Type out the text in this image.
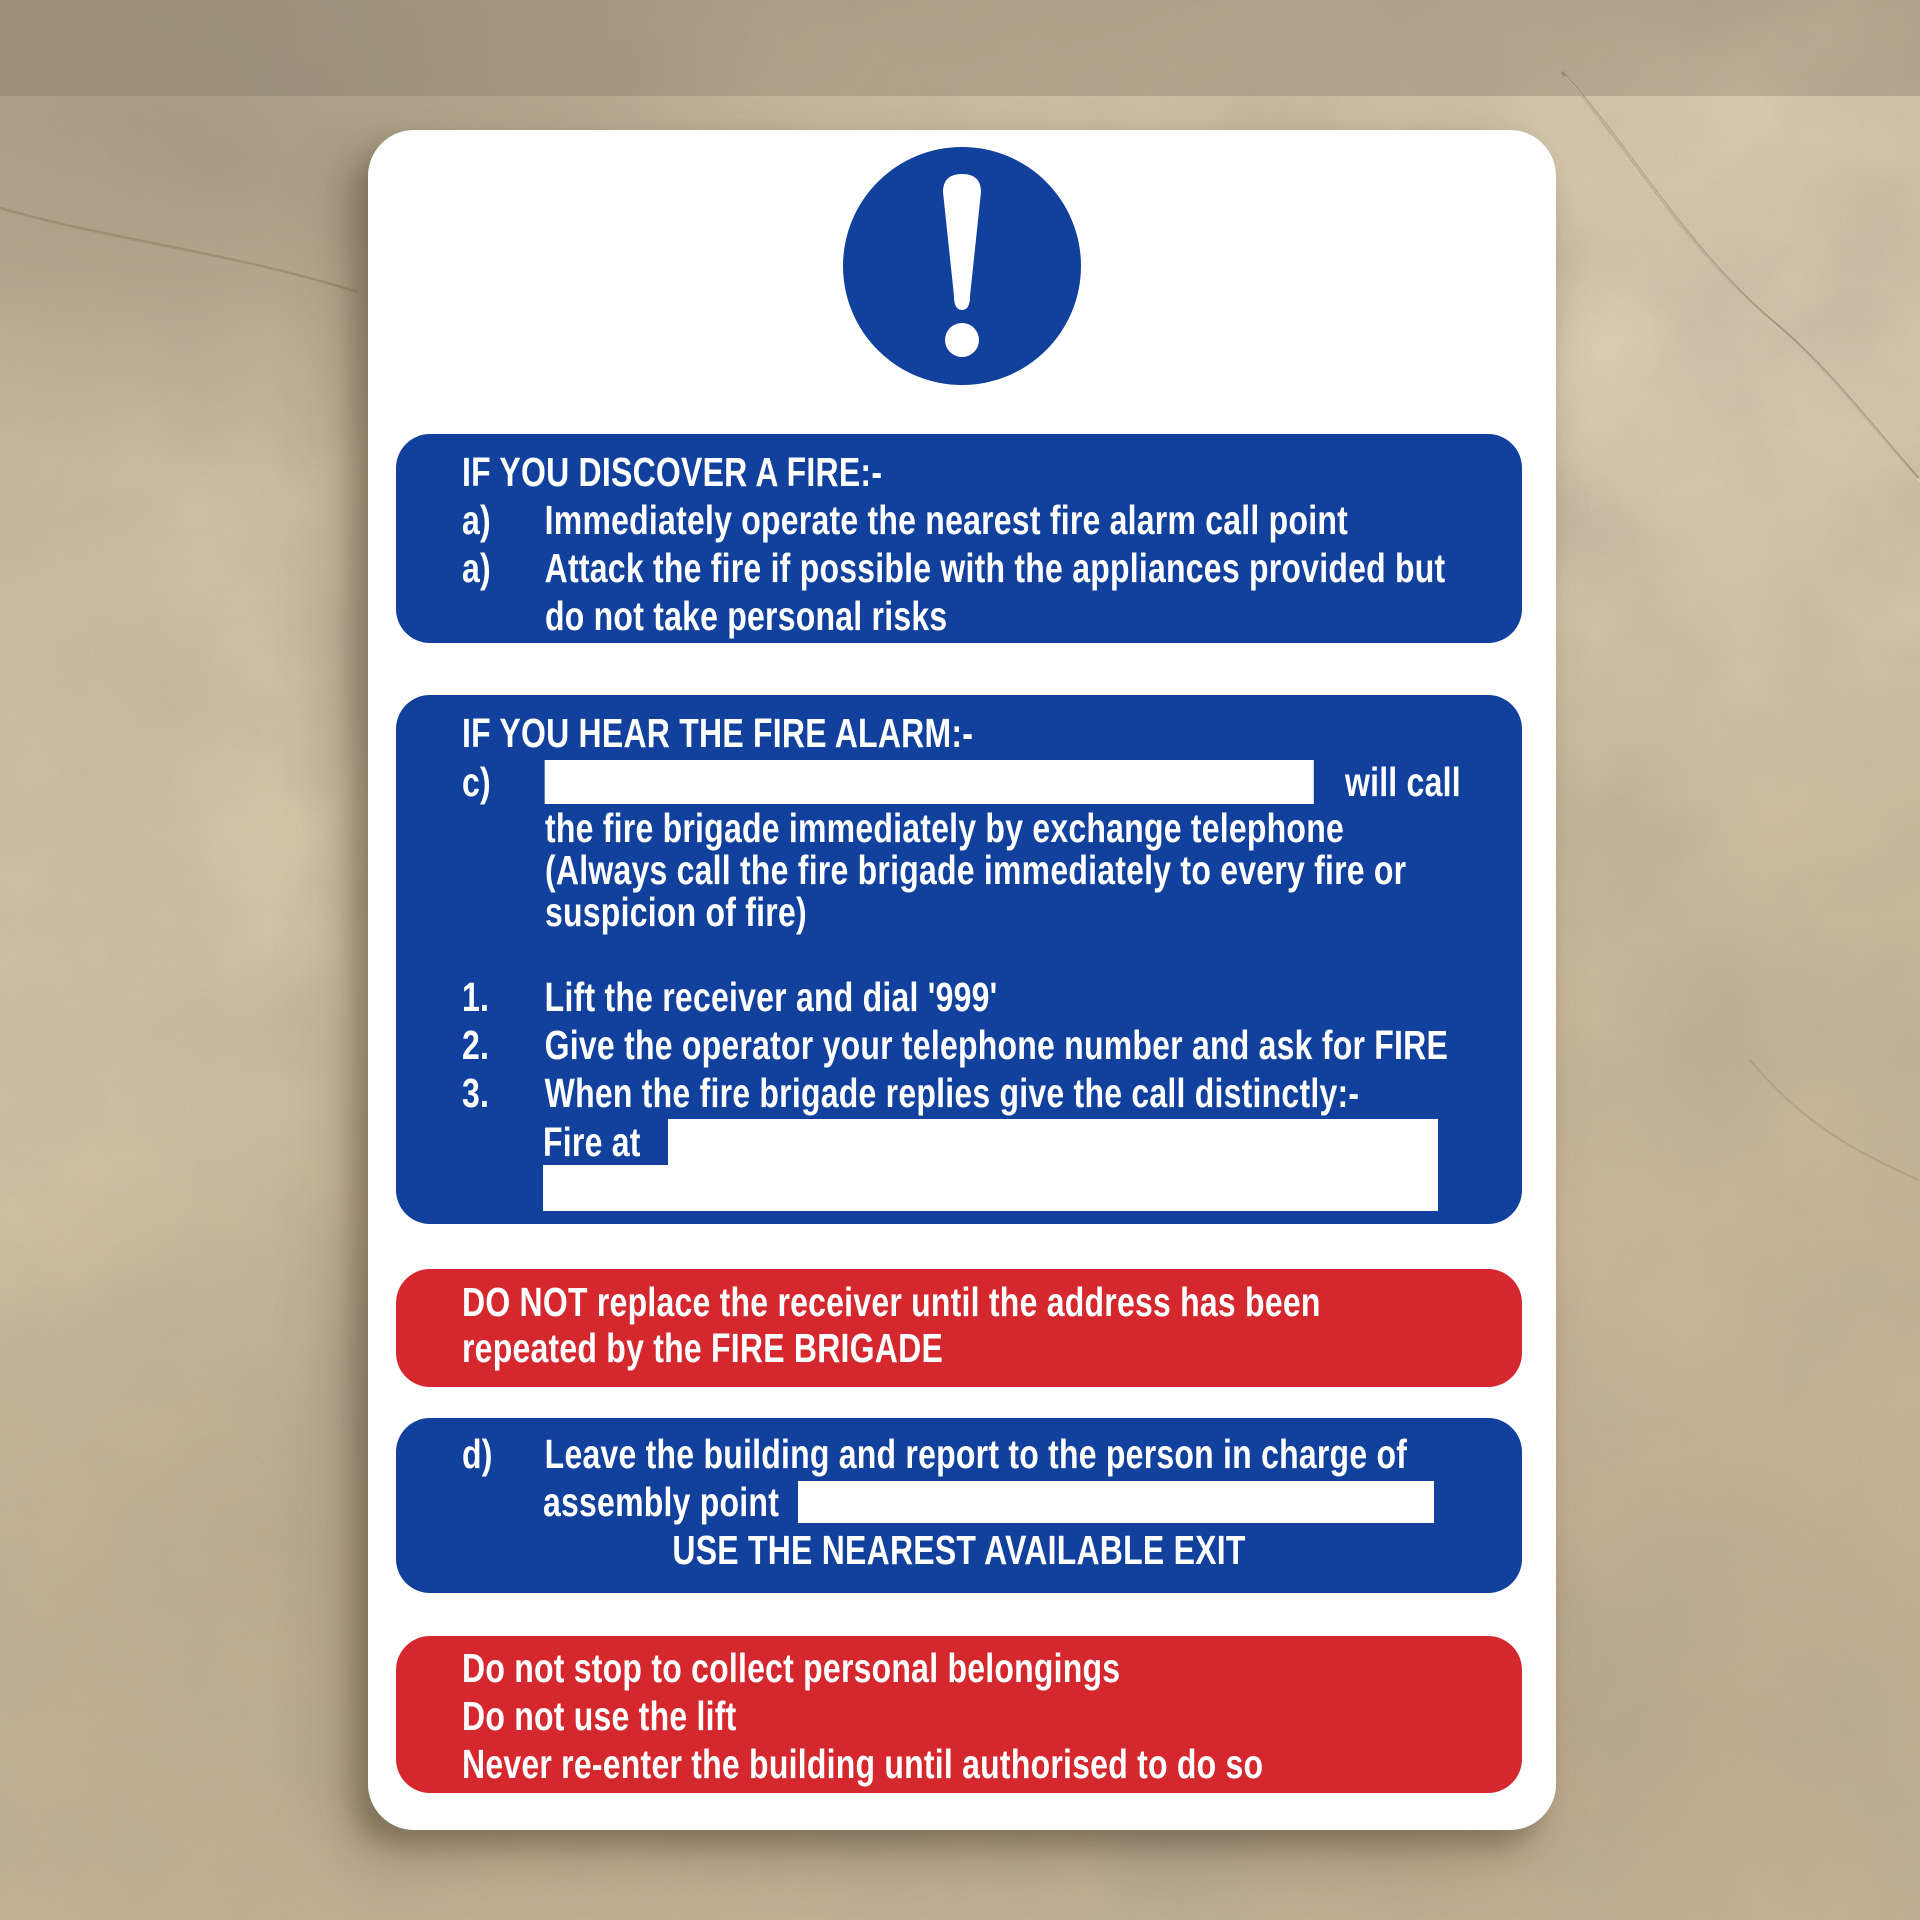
IF YOU DISCOVER A FIRE:-
a)	Immediately operate the nearest fire alarm call point
a)	Attack the fire if possible with the appliances provided but
do not take personal risks
IF YOU HEAR THE FIRE ALARM:-
c)	will call
the fire brigade immediately by exchange telephone
(Always call the fire brigade immediately to every fire or
suspicion of fire)
1.	Lift the receiver and dial '999'
2.	Give the operator your telephone number and ask for FIRE
3.	When the fire brigade replies give the call distinctly:-
Fire at
DO NOT replace the receiver until the address has been
repeated by the FIRE BRIGADE
d)	Leave the building and report to the person in charge of
assembly point
USE THE NEAREST AVAILABLE EXIT
Do not stop to collect personal belongings
Do not use the lift
Never re-enter the building until authorised to do so
